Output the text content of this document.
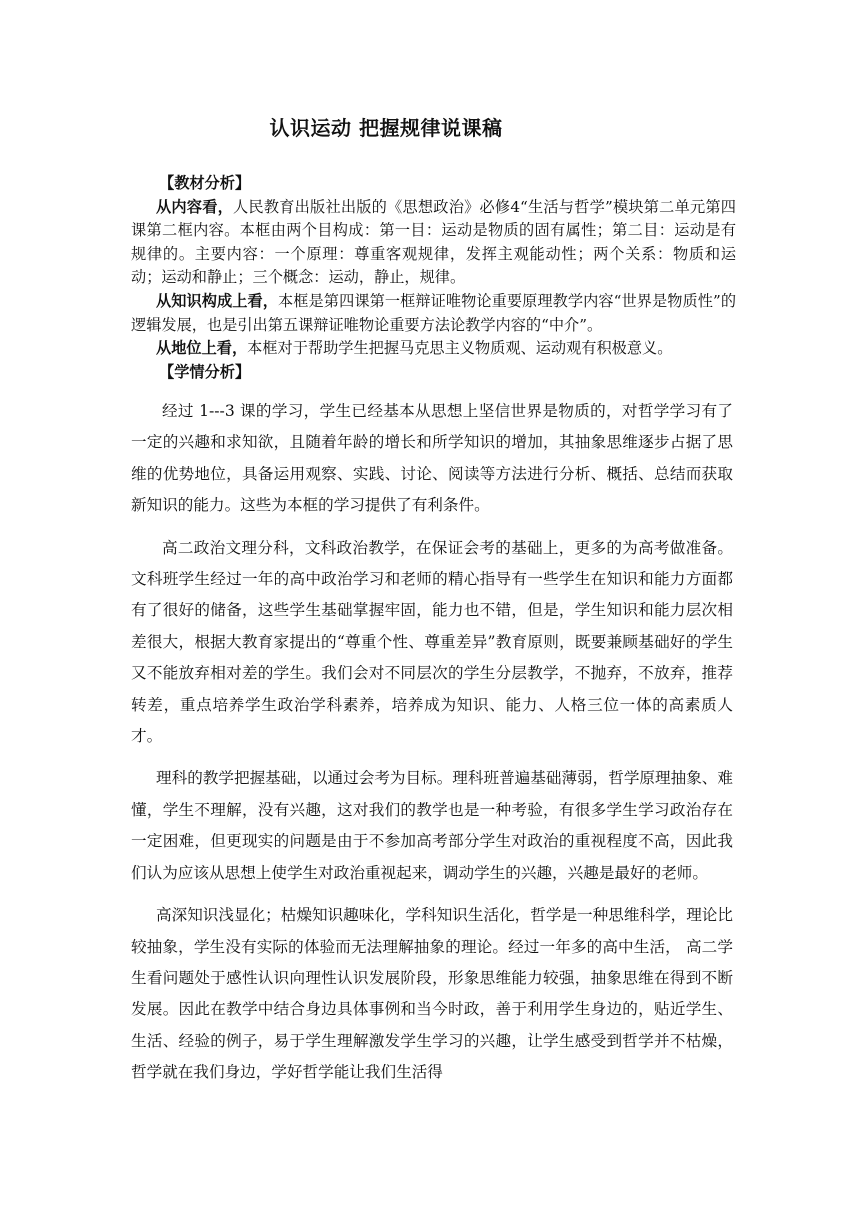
认识运动 把握规律说课稿

【教材分析】

从内容看，人民教育出版社出版的《思想政治》必修4“生活与哲学”模块第二单元第四课第二框内容。本框由两个目构成：第一目：运动是物质的固有属性；第二目：运动是有规律的。主要内容：一个原理：尊重客观规律，发挥主观能动性；两个关系：物质和运动；运动和静止；三个概念：运动，静止，规律。

从知识构成上看，本框是第四课第一框辩证唯物论重要原理教学内容“世界是物质性”的逻辑发展，也是引出第五课辩证唯物论重要方法论教学内容的“中介”。

从地位上看，本框对于帮助学生把握马克思主义物质观、运动观有积极意义。

【学情分析】

经过 1---3 课的学习，学生已经基本从思想上坚信世界是物质的，对哲学学习有了一定的兴趣和求知欲，且随着年龄的增长和所学知识的增加，其抽象思维逐步占据了思维的优势地位，具备运用观察、实践、讨论、阅读等方法进行分析、概括、总结而获取新知识的能力。这些为本框的学习提供了有利条件。

高二政治文理分科，文科政治教学，在保证会考的基础上，更多的为高考做准备。文科班学生经过一年的高中政治学习和老师的精心指导有一些学生在知识和能力方面都有了很好的储备，这些学生基础掌握牢固，能力也不错，但是，学生知识和能力层次相差很大，根据大教育家提出的“尊重个性、尊重差异”教育原则，既要兼顾基础好的学生又不能放弃相对差的学生。我们会对不同层次的学生分层教学，不抛弃，不放弃，推荐转差，重点培养学生政治学科素养，培养成为知识、能力、人格三位一体的高素质人才。

理科的教学把握基础，以通过会考为目标。理科班普遍基础薄弱，哲学原理抽象、难懂，学生不理解，没有兴趣，这对我们的教学也是一种考验，有很多学生学习政治存在一定困难，但更现实的问题是由于不参加高考部分学生对政治的重视程度不高，因此我们认为应该从思想上使学生对政治重视起来，调动学生的兴趣，兴趣是最好的老师。

高深知识浅显化；枯燥知识趣味化，学科知识生活化，哲学是一种思维科学，理论比较抽象，学生没有实际的体验而无法理解抽象的理论。经过一年多的高中生活， 高二学生看问题处于感性认识向理性认识发展阶段，形象思维能力较强，抽象思维在得到不断发展。因此在教学中结合身边具体事例和当今时政，善于利用学生身边的，贴近学生、生活、经验的例子，易于学生理解激发学生学习的兴趣，让学生感受到哲学并不枯燥，哲学就在我们身边，学好哲学能让我们生活得
